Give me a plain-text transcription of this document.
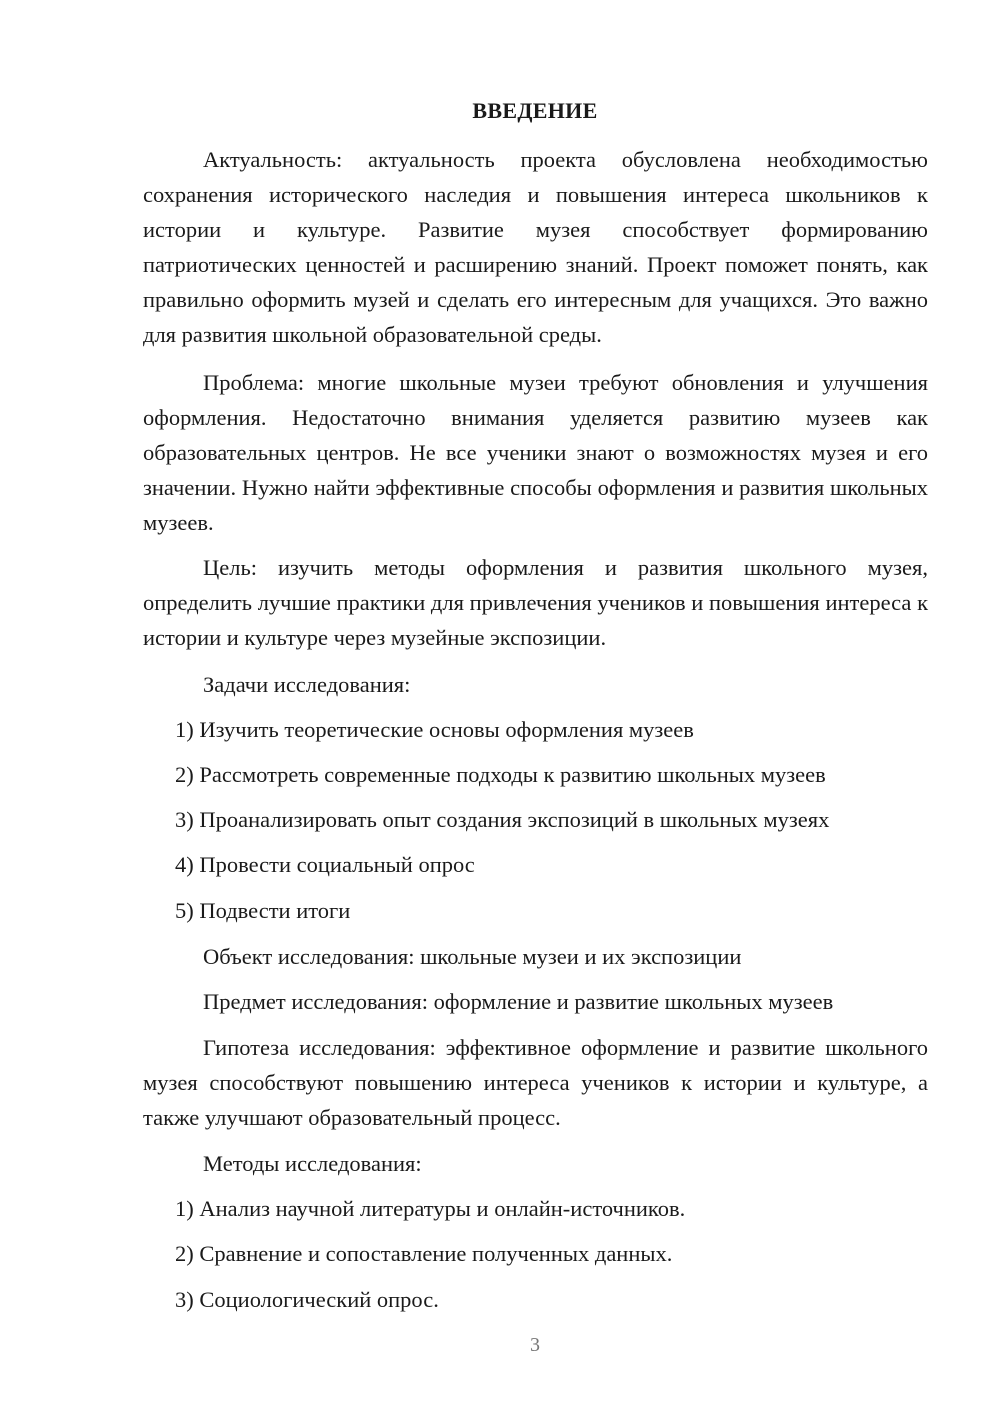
ВВЕДЕНИЕ

Актуальность: актуальность проекта обусловлена необходимостью сохранения исторического наследия и повышения интереса школьников к истории и культуре. Развитие музея способствует формированию патриотических ценностей и расширению знаний. Проект поможет понять, как правильно оформить музей и сделать его интересным для учащихся. Это важно для развития школьной образовательной среды.

Проблема: многие школьные музеи требуют обновления и улучшения оформления. Недостаточно внимания уделяется развитию музеев как образовательных центров. Не все ученики знают о возможностях музея и его значении. Нужно найти эффективные способы оформления и развития школьных музеев.

Цель: изучить методы оформления и развития школьного музея, определить лучшие практики для привлечения учеников и повышения интереса к истории и культуре через музейные экспозиции.

Задачи исследования:

1) Изучить теоретические основы оформления музеев

2) Рассмотреть современные подходы к развитию школьных музеев

3) Проанализировать опыт создания экспозиций в школьных музеях

4) Провести социальный опрос

5) Подвести итоги

Объект исследования: школьные музеи и их экспозиции

Предмет исследования: оформление и развитие школьных музеев

Гипотеза исследования: эффективное оформление и развитие школьного музея способствуют повышению интереса учеников к истории и культуре, а также улучшают образовательный процесс.

Методы исследования:

1) Анализ научной литературы и онлайн-источников.

2) Сравнение и сопоставление полученных данных.

3) Социологический опрос.

3
